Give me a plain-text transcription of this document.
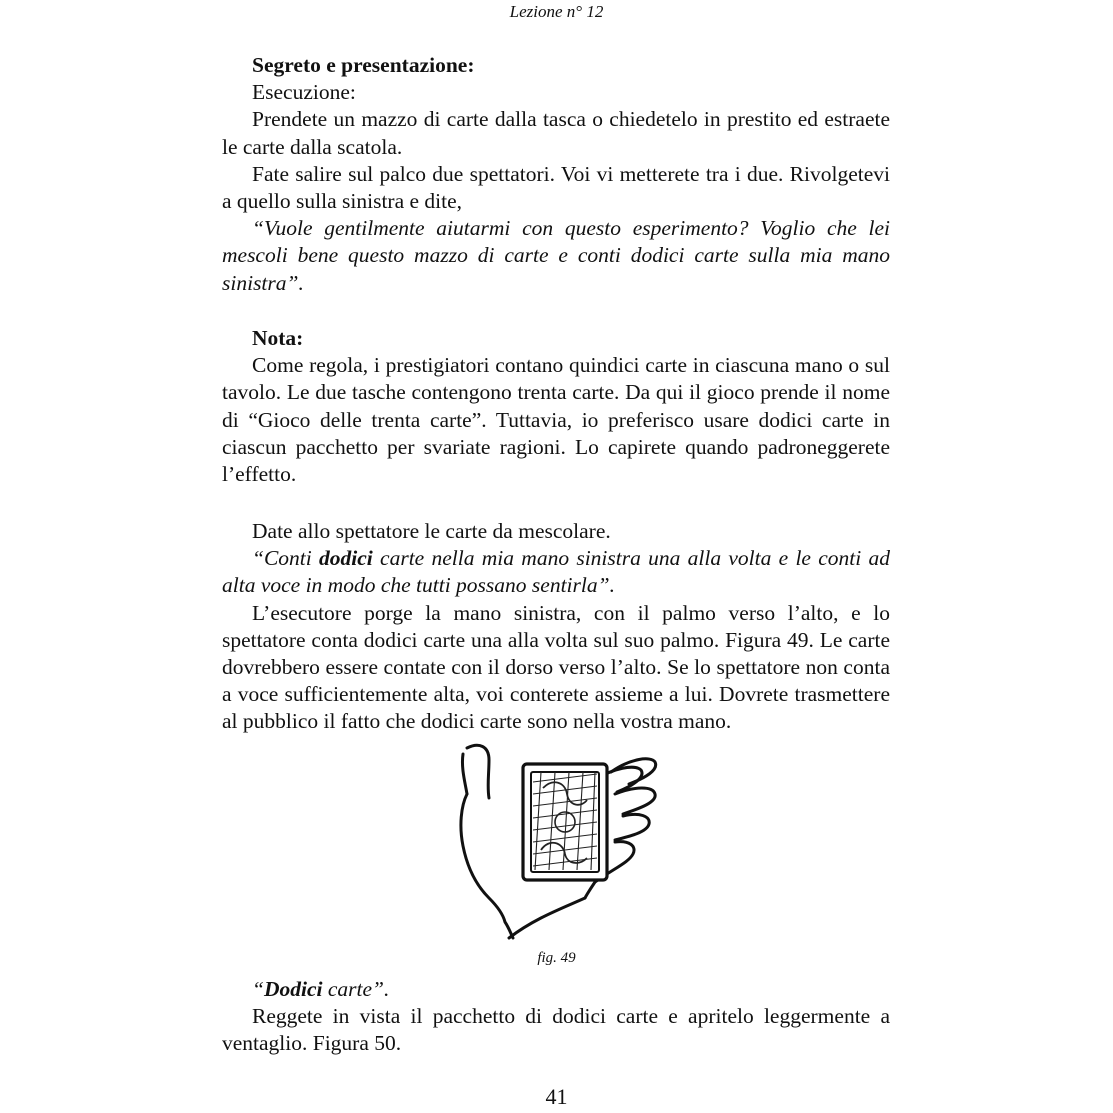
Lezione n° 12

Segreto e presentazione:

Esecuzione:

Prendete un mazzo di carte dalla tasca o chiedetelo in prestito ed estraete le carte dalla scatola.

Fate salire sul palco due spettatori. Voi vi metterete tra i due. Rivolgetevi a quello sulla sinistra e dite,

“Vuole gentilmente aiutarmi con questo esperimento? Voglio che lei mescoli bene questo mazzo di carte e conti dodici carte sulla mia mano sinistra”.

Nota:

Come regola, i prestigiatori contano quindici carte in ciascuna mano o sul tavolo. Le due tasche contengono trenta carte. Da qui il gioco prende il nome di “Gioco delle trenta carte”. Tuttavia, io preferisco usare dodici carte in ciascun pacchetto per svariate ragioni. Lo capirete quando padroneggerete l’effetto.

Date allo spettatore le carte da mescolare.

“Conti dodici carte nella mia mano sinistra una alla volta e le conti ad alta voce in modo che tutti possano sentirla”.

L’esecutore porge la mano sinistra, con il palmo verso l’alto, e lo spettatore conta dodici carte una alla volta sul suo palmo. Figura 49. Le carte dovrebbero essere contate con il dorso verso l’alto. Se lo spettatore non conta a voce sufficientemente alta, voi conterete assieme a lui. Dovrete trasmettere al pubblico il fatto che dodici carte sono nella vostra mano.

fig. 49

“Dodici carte”.

Reggete in vista il pacchetto di dodici carte e apritelo leggermente a ventaglio. Figura 50.

41
